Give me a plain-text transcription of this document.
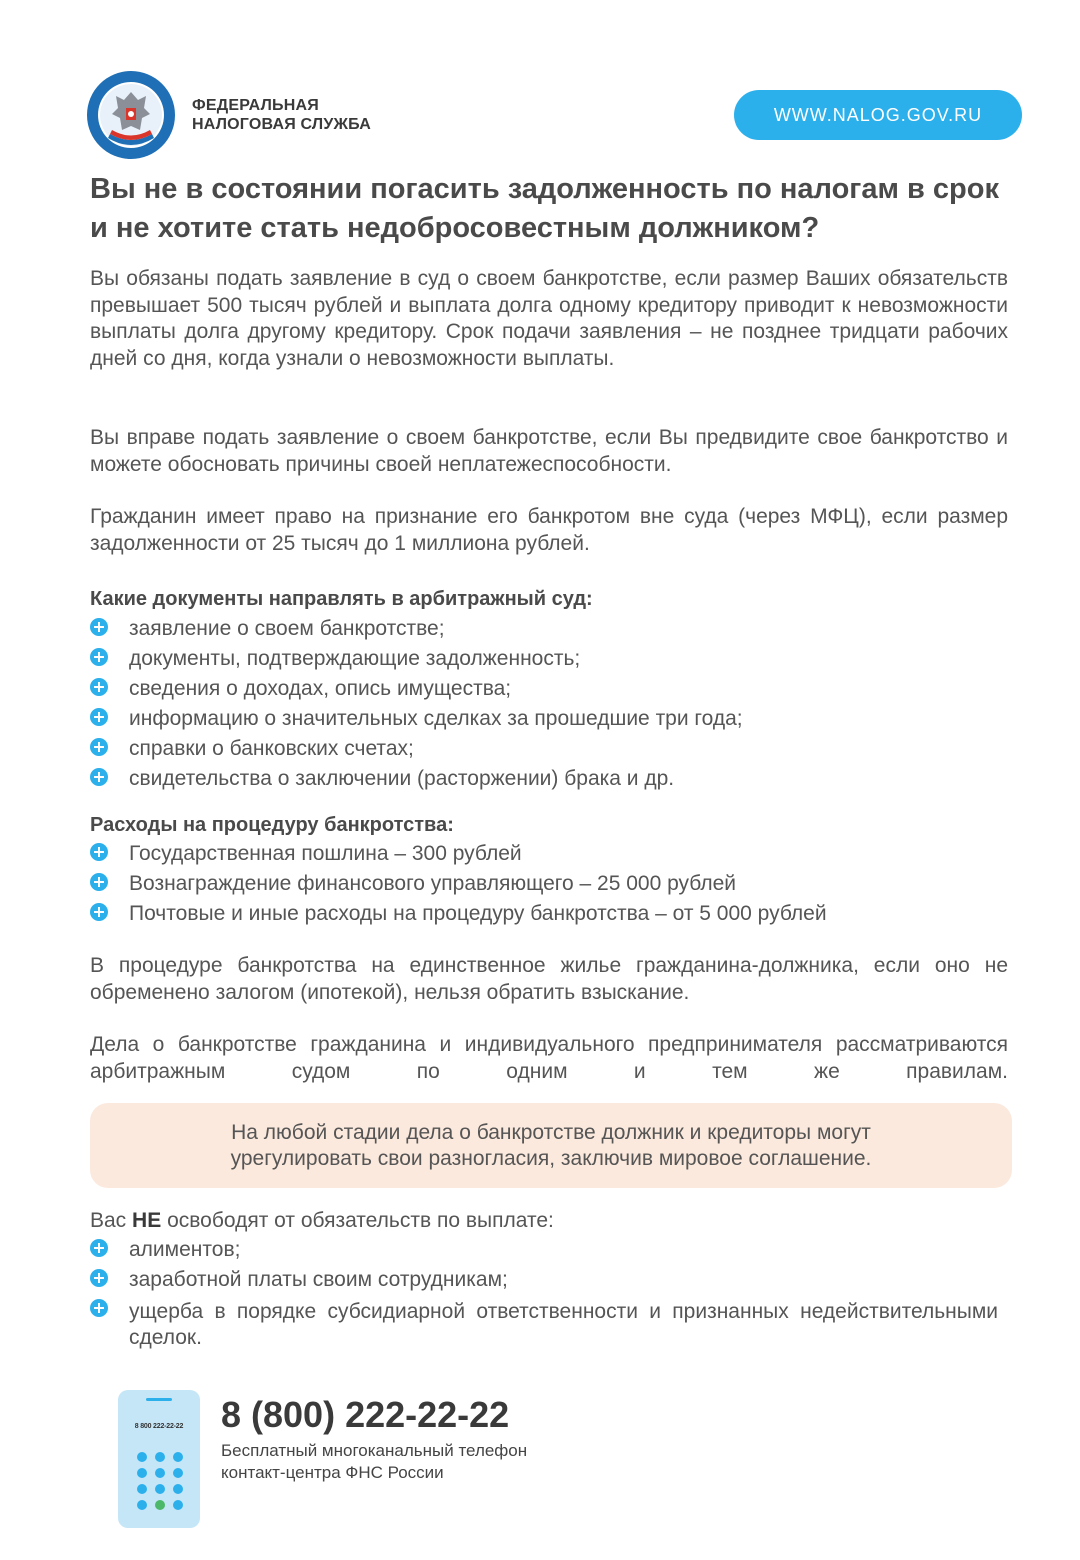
ФЕДЕРАЛЬНАЯ
НАЛОГОВАЯ СЛУЖБА	WWW.NALOG.GOV.RU
Вы не в состоянии погасить задолженность по налогам в срок и не хотите стать недобросовестным должником?

Вы обязаны подать заявление в суд о своем банкротстве, если размер Ваших обязательств превышает 500 тысяч рублей и выплата долга одному кредитору приводит к невозможности выплаты долга другому кредитору. Срок подачи заявления – не позднее тридцати рабочих дней со дня, когда узнали о невозможности выплаты.

Вы вправе подать заявление о своем банкротстве, если Вы предвидите свое банкротство и можете обосновать причины своей неплатежеспособности.

Гражданин имеет право на признание его банкротом вне суда (через МФЦ), если размер задолженности от 25 тысяч до 1 миллиона рублей.

Какие документы направлять в арбитражный суд:
заявление о своем банкротстве;
документы, подтверждающие задолженность;
сведения о доходах, опись имущества;
информацию о значительных сделках за прошедшие три года;
справки о банковских счетах;
свидетельства о заключении (расторжении) брака и др.
Расходы на процедуру банкротства:
Государственная пошлина – 300 рублей
Вознаграждение финансового управляющего – 25 000 рублей
Почтовые и иные расходы на процедуру банкротства – от 5 000 рублей

В процедуре банкротства на единственное жилье гражданина-должника, если оно не обременено залогом (ипотекой), нельзя обратить взыскание.

Дела о банкротстве гражданина и индивидуального предпринимателя рассматриваются арбитражным судом по одним и тем же правилам.

На любой стадии дела о банкротстве должник и кредиторы могут урегулировать свои разногласия, заключив мировое соглашение.
Вас НЕ освободят от обязательств по выплате:
алиментов;
заработной платы своим сотрудникам;
ущерба в порядке субсидиарной ответственности и признанных недействительными сделок.
8 800 222-22-22	8 (800) 222-22-22
Бесплатный многоканальный телефон
контакт-центра ФНС России
